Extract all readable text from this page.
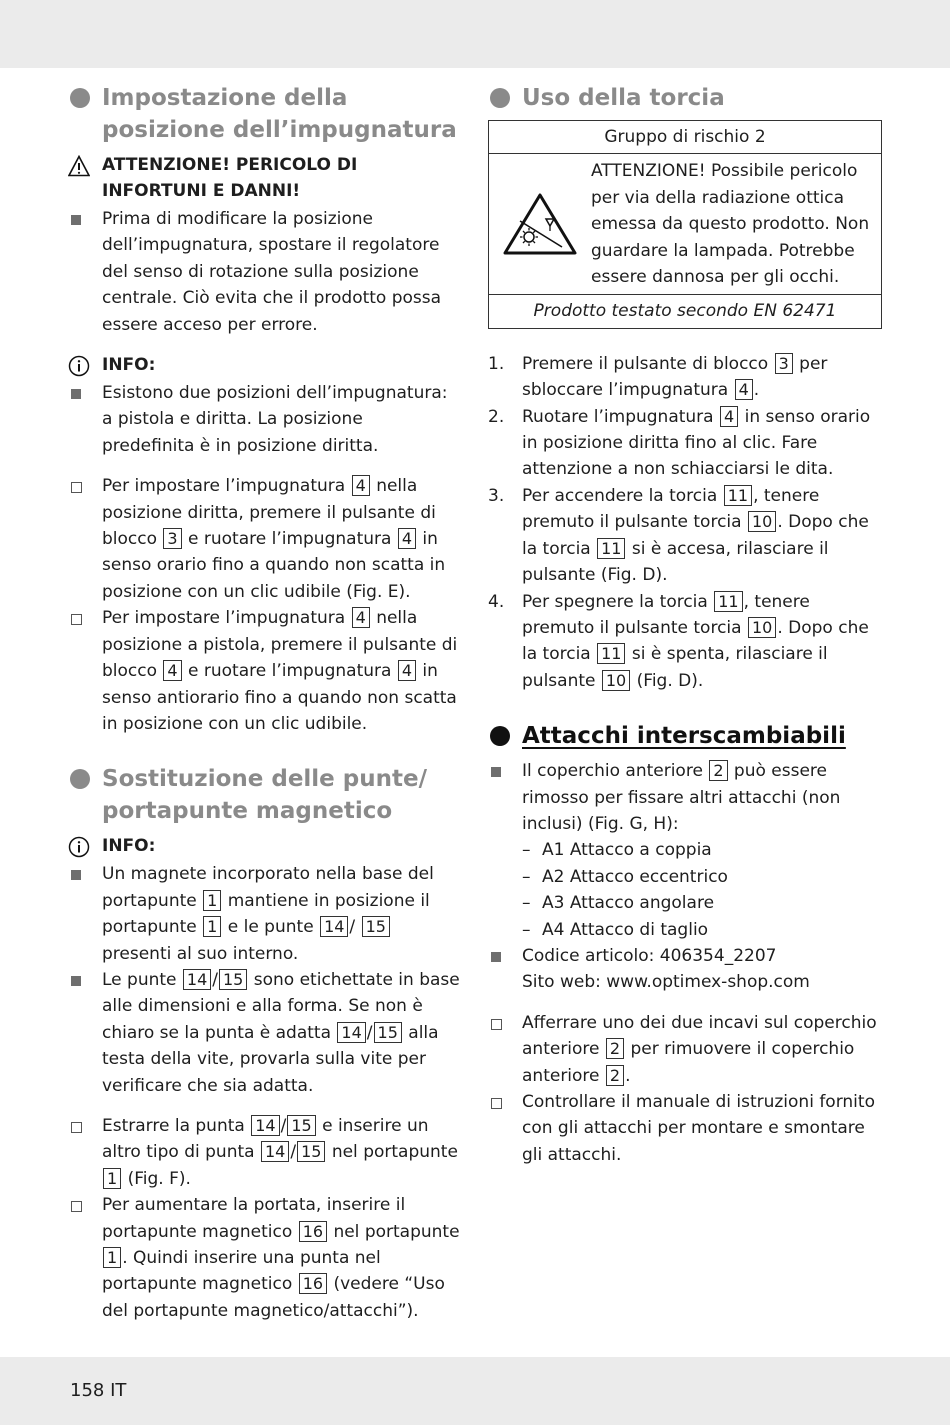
Impostazione della posizione dell’impugnatura
ATTENZIONE! PERICOLO DI INFORTUNI E DANNI!
Prima di modificare la posizione dell’impugnatura, spostare il regolatore del senso di rotazione sulla posizione centrale. Ciò evita che il prodotto possa essere acceso per errore.
INFO:
Esistono due posizioni dell’impugnatura: a pistola e diritta. La posizione predefinita è in posizione diritta.
Per impostare l’impugnatura 4 nella posizione diritta, premere il pulsante di blocco 3 e ruotare l’impugnatura 4 in senso orario fino a quando non scatta in posizione con un clic udibile (Fig. E).
Per impostare l’impugnatura 4 nella posizione a pistola, premere il pulsante di blocco 4 e ruotare l’impugnatura 4 in senso antiorario fino a quando non scatta in posizione con un clic udibile.
Sostituzione delle punte/ portapunte magnetico
INFO:
Un magnete incorporato nella base del portapunte 1 mantiene in posizione il portapunte 1 e le punte 14 / 15 presenti al suo interno.
Le punte 14 / 15 sono etichettate in base alle dimensioni e alla forma. Se non è chiaro se la punta è adatta 14 / 15 alla testa della vite, provarla sulla vite per verificare che sia adatta.
Estrarre la punta 14 / 15 e inserire un altro tipo di punta 14 / 15 nel portapunte 1 (Fig. F).
Per aumentare la portata, inserire il portapunte magnetico 16 nel portapunte 1 . Quindi inserire una punta nel portapunte magnetico 16 (vedere “Uso del portapunte magnetico/attacchi”).
Uso della torcia
Gruppo di rischio 2

ATTENZIONE! Possibile pericolo per via della radiazione ottica emessa da questo prodotto. Non guardare la lampada. Potrebbe essere dannosa per gli occhi.

Prodotto testato secondo EN 62471
1. Premere il pulsante di blocco 3 per sbloccare l’impugnatura 4 .
2. Ruotare l’impugnatura 4 in senso orario in posizione diritta fino al clic. Fare attenzione a non schiacciarsi le dita.
3. Per accendere la torcia 11 , tenere premuto il pulsante torcia 10 . Dopo che la torcia 11 si è accesa, rilasciare il pulsante (Fig. D).
4. Per spegnere la torcia 11 , tenere premuto il pulsante torcia 10 . Dopo che la torcia 11 si è spenta, rilasciare il pulsante 10 (Fig. D).
Attacchi interscambiabili
Il coperchio anteriore 2 può essere rimosso per fissare altri attacchi (non inclusi) (Fig. G, H):
– A1 Attacco a coppia
– A2 Attacco eccentrico
– A3 Attacco angolare
– A4 Attacco di taglio
Codice articolo: 406354_2207
Sito web: www.optimex-shop.com
Afferrare uno dei due incavi sul coperchio anteriore 2 per rimuovere il coperchio anteriore 2 .
Controllare il manuale di istruzioni fornito con gli attacchi per montare e smontare gli attacchi.
158 IT
